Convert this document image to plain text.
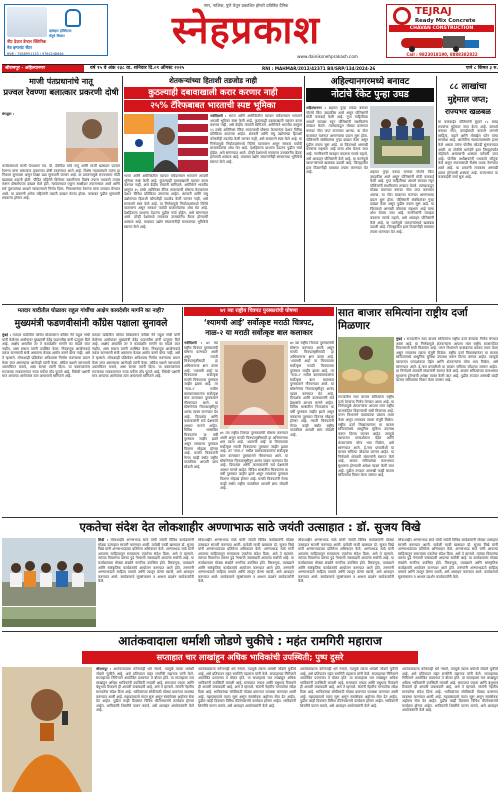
व्होल्हार हॉस्पिटल
मेंदूचे विकार
नीट देऊन डेन्टल क्लिनिक
नेत्र इम्प्लांट सेंटर
संपर्क : 7588991133 / 9764248646
नगर, नाशिक, पुणे येथून प्रकाशित होणारे प्रतिष्ठित दैनिक
स्नेहप्रकाश
www.dainiksnehprakash.com
TEJRAJ
Ready Mix Concrete
CHAVAN CONSTRUCTION
Call : 9823018190, 8888382822
श्रीरामपूर - अहिल्यानगर	वर्ष १५ वे अंक २३८ वा. शनिवार दि.०९ ऑगस्ट २०२५	RNI : MAHMAR/2012/42371 BII/SRP/134/2024-26	पाने ८ किंमत ३ रु.
माजी पंतप्रधानांचे नातू
प्रज्वल रेवण्णा बलात्कार प्रकरणी दोषी
बंगळुरू :
कर्नाटकमध्ये माजी पंतप्रधान एच. डी. देवेगौडा यांचे नातू आणि माजी खासदार प्रज्वल रेवण्णा यांना बलात्कार प्रकरणात दोषी ठरवण्यात आले आहे. विशेष न्यायालयाने त्यांना हा निकाल सुनावला असून शिक्षा उद्या सुनावली जाणार आहे. या प्रकरणामुळे राज्यभरात मोठी खळबळ उडाली होती. पीडित महिलेने दिलेल्या तक्रारीनंतर विशेष तपास पथकाने तपास करून दोषारोपपत्र दाखल केले होते. न्यायालयात एकूण साक्षीदार तपासण्यात आले आणि सर्व पुराव्यांच्या आधारे न्यायालयाने निर्णय दिला. निकालानंतर रेवण्णा यांना ताब्यात घेण्यात आले. या प्रकरणी अनेक महिलांनी तक्रारी दाखल केल्या होत्या. याबाबत पुढील सुनावणी लवकरच होणार आहे.
शेतकऱ्यांच्या हिताशी तडजोड नाही
कुठल्याही दबावाखाली करार करणार नाही
२५% टॅरिफबाबत भारताची स्पष्ट भूमिका
नवीदिल्ली : भारत आणि अमेरिकेतील व्यापार चर्चेदरम्यान भारताने आपली भूमिका स्पष्ट केली आहे. कुठल्याही दबावाखाली व्यापार करार करणार नाही, असे केंद्रीय मंत्र्यांनी सांगितले. अमेरिकेने भारतीय वस्तूंवर २५ टक्के अतिरिक्त टॅरिफ लावण्याची घोषणा केल्यानंतर देशात विविध प्रतिक्रिया उमटल्या आहेत. शेतकरी आणि लघु उद्योगांच्या हिताशी कोणतीही तडजोड केली जाणार नाही, असे सरकारने स्पष्ट केले आहे. या निर्णयामुळे निर्यातदारांमध्ये चिंतेचे वातावरण असून सरकार पर्यायी बाजारपेठांचा शोध घेत आहे. देशहिताला प्राधान्य देऊनच पुढील चर्चा होईल, असे सांगण्यात आले. दोन्ही देशांमध्ये लवकरच उच्चस्तरीय बैठक होण्याची शक्यता आहे. याबाबत उद्योग संघटनांनीही सरकारच्या भूमिकेचे स्वागत केले आहे.
भारत आणि अमेरिकेतील व्यापार चर्चेदरम्यान भारताने आपली भूमिका स्पष्ट केली आहे. कुठल्याही दबावाखाली व्यापार करार करणार नाही, असे केंद्रीय मंत्र्यांनी सांगितले. अमेरिकेने भारतीय वस्तूंवर २५ टक्के अतिरिक्त टॅरिफ लावण्याची घोषणा केल्यानंतर देशात विविध प्रतिक्रिया उमटल्या आहेत. शेतकरी आणि लघु उद्योगांच्या हिताशी कोणतीही तडजोड केली जाणार नाही, असे सरकारने स्पष्ट केले आहे. या निर्णयामुळे निर्यातदारांमध्ये चिंतेचे वातावरण असून सरकार पर्यायी बाजारपेठांचा शोध घेत आहे. देशहिताला प्राधान्य देऊनच पुढील चर्चा होईल, असे सांगण्यात आले. दोन्ही देशांमध्ये लवकरच उच्चस्तरीय बैठक होण्याची शक्यता आहे. याबाबत उद्योग संघटनांनीही सरकारच्या भूमिकेचे स्वागत केले आहे.
अहिल्यानगरमध्ये बनावट
नोटांचे रॅकेट पुन्हा उघड
अहिल्यानगर : शहरात पुन्हा एकदा बनावट नोटांचे रॅकेट उघडकीस आले असून पोलिसांनी मोठी कारवाई केली आहे. गुप्त माहितीच्या आधारे सापळा रचून पोलिसांनी संशयितांना ताब्यात घेतले. त्यांच्याकडून मोठ्या प्रमाणात बनावट नोटा जप्त करण्यात आल्या. या नोटा बाजारात चलनात आणण्याचा प्रयत्न सुरू होता. पोलिसांनी संबंधितांवर गुन्हा दाखल केला असून पुढील तपास सुरू आहे. या रॅकेटमध्ये आणखी कोणाचा सहभाग आहे याचा शोध घेतला जात आहे. नागरिकांनी व्यवहार करताना सतर्क राहावे, असे आवाहन पोलिसांनी केले आहे. या घटनेमुळे व्यापाऱ्यांमध्ये खळबळ उडाली आहे. जिल्ह्यातील इतर ठिकाणीही याबाबत तपास करण्यात येत आहे.	शहरात पुन्हा एकदा बनावट नोटांचे रॅकेट उघडकीस आले असून पोलिसांनी मोठी कारवाई केली आहे. गुप्त माहितीच्या आधारे सापळा रचून पोलिसांनी संशयितांना ताब्यात घेतले. त्यांच्याकडून मोठ्या प्रमाणात बनावट नोटा जप्त करण्यात आल्या. या नोटा बाजारात चलनात आणण्याचा प्रयत्न सुरू होता. पोलिसांनी संबंधितांवर गुन्हा दाखल केला असून पुढील तपास सुरू आहे. या रॅकेटमध्ये आणखी कोणाचा सहभाग आहे याचा शोध घेतला जात आहे. नागरिकांनी व्यवहार करताना सतर्क राहावे, असे आवाहन पोलिसांनी केले आहे. या घटनेमुळे व्यापाऱ्यांमध्ये खळबळ उडाली आहे. जिल्ह्यातील इतर ठिकाणीही याबाबत तपास करण्यात येत आहे.
८८ लाखांचा
मुद्देमाल जप्त;
राज्यभर खळबळ
या कारवाईत पोलिसांनी सुमारे ८८ लाख रुपयांचा मुद्देमाल जप्त केला आहे. यामध्ये बनावट नोटा, छपाईसाठी वापरले जाणारे साहित्य, वाहने आणि मोबाईल फोन यांचा समावेश आहे. आरोपींना न्यायालयासमोर हजर केले असता त्यांना पोलीस कोठडी सुनावण्यात आली. या टोळीचे धागेदोरे इतर जिल्ह्यांपर्यंत पोहोचले असल्याची शक्यता वर्तवली जात आहे. पोलीस अधीक्षकांनी पथकाचे कौतुक केले असून तपासासाठी विशेष पथक नेमण्यात आले आहे. या प्रकरणी लवकरच आणखी अटक होण्याची शक्यता आहे. राज्यभरात या कारवाईची चर्चा सुरू आहे.
मतदार यादीतील घोळावर राहुल गांधींचा आक्षेप कायदेशीर मार्गाने का नाही?
मुख्यमंत्री फडणवीसांनी काँग्रेस पक्षाला सुनावले
मुंबई : मतदार यादीतील कथित घोळावरून काँग्रेस नेते राहुल गांधी यांनी केलेल्या आरोपांवर मुख्यमंत्री देवेंद्र फडणवीस यांनी प्रत्युत्तर दिले आहे. आक्षेप असतील तर ते कायदेशीर मार्गाने का मांडले जात नाहीत, असा सवाल त्यांनी उपस्थित केला. निवडणूक आयोगाकडे तक्रार करण्याची संधी असताना केवळ आरोप करणे योग्य नाही, असे ते म्हणाले. लोकशाही प्रक्रियेवर अविश्वास निर्माण करण्याचा प्रयत्न केला जात असल्याचा आरोपही त्यांनी केला. काँग्रेस पक्षाने पराभवाचे आत्मचिंतन करावे, असा सल्ला त्यांनी दिला. या वक्तव्यानंतर राज्याच्या राजकारणात नव्या चर्चेला तोंड फुटले आहे. विरोधी पक्षांनी मात्र आपल्या आरोपांवर ठाम असल्याचे सांगितले आहे.
मतदार यादीतील कथित घोळावरून काँग्रेस नेते राहुल गांधी यांनी केलेल्या आरोपांवर मुख्यमंत्री देवेंद्र फडणवीस यांनी प्रत्युत्तर दिले आहे. आक्षेप असतील तर ते कायदेशीर मार्गाने का मांडले जात नाहीत, असा सवाल त्यांनी उपस्थित केला. निवडणूक आयोगाकडे तक्रार करण्याची संधी असताना केवळ आरोप करणे योग्य नाही, असे ते म्हणाले. लोकशाही प्रक्रियेवर अविश्वास निर्माण करण्याचा प्रयत्न केला जात असल्याचा आरोपही त्यांनी केला. काँग्रेस पक्षाने पराभवाचे आत्मचिंतन करावे, असा सल्ला त्यांनी दिला. या वक्तव्यानंतर राज्याच्या राजकारणात नव्या चर्चेला तोंड फुटले आहे. विरोधी पक्षांनी मात्र आपल्या आरोपांवर ठाम असल्याचे सांगितले आहे.
७१ व्या राष्ट्रीय चित्रपट पुरस्कारांची घोषणा
‘श्यामची आई’ सर्वोत्कृष्ट मराठी चित्रपट,
नाळ-२ या मराठी सर्वोत्कृष्ट बाल कलाकार
नवीदिल्ली : ७१ व्या राष्ट्रीय चित्रपट पुरस्कारांची घोषणा करण्यात आली असून मराठी चित्रपटसृष्टीसाठी हा अभिमानाचा क्षण ठरला आहे. ‘श्यामची आई’ या चित्रपटाला सर्वोत्कृष्ट मराठी चित्रपटाचा पुरस्कार जाहीर झाला आहे. तर ‘नाळ-२’ मधील बालकलाकारांना सर्वोत्कृष्ट बाल कलाकार पुरस्काराने गौरवण्यात आले. या घोषणेनंतर चित्रपटसृष्टीतून आनंद व्यक्त करण्यात येत आहे. दिग्दर्शक आणि कलाकारांनी सर्व प्रेक्षकांचे आभार मानले आहेत. विविध भाषांतील चित्रपटांना या वर्षी पुरस्कार जाहीर झाले असून लवकरच पुरस्कार वितरण सोहळा होणार आहे. मराठी चित्रपटांनी गेल्या काही वर्षांत राष्ट्रीय पातळीवर आपली छाप सोडली आहे.
७१ व्या राष्ट्रीय चित्रपट पुरस्कारांची घोषणा करण्यात आली असून मराठी चित्रपटसृष्टीसाठी हा अभिमानाचा क्षण ठरला आहे. ‘श्यामची आई’ या चित्रपटाला सर्वोत्कृष्ट मराठी चित्रपटाचा पुरस्कार जाहीर झाला आहे. तर ‘नाळ-२’ मधील बालकलाकारांना सर्वोत्कृष्ट बाल कलाकार पुरस्काराने गौरवण्यात आले. या घोषणेनंतर चित्रपटसृष्टीतून आनंद व्यक्त करण्यात येत आहे. दिग्दर्शक आणि कलाकारांनी सर्व प्रेक्षकांचे आभार मानले आहेत. विविध भाषांतील चित्रपटांना या वर्षी पुरस्कार जाहीर झाले असून लवकरच पुरस्कार वितरण सोहळा होणार आहे. मराठी चित्रपटांनी गेल्या काही वर्षांत राष्ट्रीय पातळीवर आपली छाप सोडली आहे.
७१ व्या राष्ट्रीय चित्रपट पुरस्कारांची घोषणा करण्यात आली असून मराठी चित्रपटसृष्टीसाठी हा अभिमानाचा क्षण ठरला आहे. ‘श्यामची आई’ या चित्रपटाला सर्वोत्कृष्ट मराठी चित्रपटाचा पुरस्कार जाहीर झाला आहे. तर ‘नाळ-२’ मधील बालकलाकारांना सर्वोत्कृष्ट बाल कलाकार पुरस्काराने गौरवण्यात आले. या घोषणेनंतर चित्रपटसृष्टीतून आनंद व्यक्त करण्यात येत आहे. दिग्दर्शक आणि कलाकारांनी सर्व प्रेक्षकांचे आभार मानले आहेत. विविध भाषांतील चित्रपटांना या वर्षी पुरस्कार जाहीर झाले असून लवकरच पुरस्कार वितरण सोहळा होणार आहे. मराठी चित्रपटांनी गेल्या काही वर्षांत राष्ट्रीय पातळीवर आपली छाप सोडली आहे.
सात बाजार समित्यांना राष्ट्रीय दर्जा मिळणार
मुंबई : राज्यातील सात बाजार समित्यांना राष्ट्रीय दर्जा देण्याचा निर्णय घेण्यात आला आहे. या निर्णयामुळे शेतकऱ्यांना आपला माल राष्ट्रीय बाजारपेठेत विकण्याची संधी मिळणार आहे. पणन विभागाने याबाबतचा प्रस्ताव तयार केला असून लवकरच त्याला मंजुरी मिळेल. राष्ट्रीय दर्जा मिळाल्यानंतर या बाजार समित्यांमध्ये आधुनिक सुविधा उपलब्ध करून दिल्या जाणार आहेत. त्यामुळे व्यापारात पारदर्शकता येईल आणि शेतकऱ्यांना योग्य भाव मिळेल, असे सांगण्यात आले. ई-नाम प्रणालीशी या बाजार समित्या जोडल्या जाणार आहेत. या निर्णयाचे शेतकरी संघटनांनी स्वागत केले आहे. बाजार समित्यांच्या कारभारात सुधारणा होण्याची अपेक्षा व्यक्त केली जात आहे. पुढील टप्प्यात आणखी काही बाजार समित्यांचा विचार केला जाणार आहे.
राज्यातील सात बाजार समित्यांना राष्ट्रीय दर्जा देण्याचा निर्णय घेण्यात आला आहे. या निर्णयामुळे शेतकऱ्यांना आपला माल राष्ट्रीय बाजारपेठेत विकण्याची संधी मिळणार आहे. पणन विभागाने याबाबतचा प्रस्ताव तयार केला असून लवकरच त्याला मंजुरी मिळेल. राष्ट्रीय दर्जा मिळाल्यानंतर या बाजार समित्यांमध्ये आधुनिक सुविधा उपलब्ध करून दिल्या जाणार आहेत. त्यामुळे व्यापारात पारदर्शकता येईल आणि शेतकऱ्यांना योग्य भाव मिळेल, असे सांगण्यात आले. ई-नाम प्रणालीशी या बाजार समित्या जोडल्या जाणार आहेत. या निर्णयाचे शेतकरी संघटनांनी स्वागत केले आहे. बाजार समित्यांच्या कारभारात सुधारणा होण्याची अपेक्षा व्यक्त केली जात आहे. पुढील टप्प्यात आणखी काही बाजार समित्यांचा विचार केला जाणार आहे.
एकतेचा संदेश देत लोकशाहीर अण्णाभाऊ साठे जयंती उत्साहात : डॉ. सुजय विखे
शिर्डी : लोकशाहीर अण्णाभाऊ साठे यांची जयंती विविध कार्यक्रमांनी मोठ्या उत्साहात साजरी करण्यात आली. यावेळी माजी खासदार डॉ. सुजय विखे यांनी अण्णाभाऊंच्या प्रतिमेला अभिवादन केले. अण्णाभाऊ साठे यांनी आपल्या साहित्यातून समाजाला एकतेचा संदेश दिला, असे ते म्हणाले. त्यांच्या विचारांचा वारसा पुढे नेण्याची जबाबदारी आपल्या सर्वांची आहे. या कार्यक्रमाला मोठ्या संख्येने नागरिक उपस्थित होते. मिरवणूक, व्याख्याने आणि सांस्कृतिक कार्यक्रमांचे आयोजन करण्यात आले होते. तरुणांनी अण्णाभाऊंचे साहित्य वाचावे आणि त्यातून प्रेरणा घ्यावी, असे आवाहन करण्यात आले. कार्यक्रमाचे सूत्रसंचालन व आभार प्रदर्शन कार्यकर्त्यांनी केले.
लोकशाहीर अण्णाभाऊ साठे यांची जयंती विविध कार्यक्रमांनी मोठ्या उत्साहात साजरी करण्यात आली. यावेळी माजी खासदार डॉ. सुजय विखे यांनी अण्णाभाऊंच्या प्रतिमेला अभिवादन केले. अण्णाभाऊ साठे यांनी आपल्या साहित्यातून समाजाला एकतेचा संदेश दिला, असे ते म्हणाले. त्यांच्या विचारांचा वारसा पुढे नेण्याची जबाबदारी आपल्या सर्वांची आहे. या कार्यक्रमाला मोठ्या संख्येने नागरिक उपस्थित होते. मिरवणूक, व्याख्याने आणि सांस्कृतिक कार्यक्रमांचे आयोजन करण्यात आले होते. तरुणांनी अण्णाभाऊंचे साहित्य वाचावे आणि त्यातून प्रेरणा घ्यावी, असे आवाहन करण्यात आले. कार्यक्रमाचे सूत्रसंचालन व आभार प्रदर्शन कार्यकर्त्यांनी केले.
लोकशाहीर अण्णाभाऊ साठे यांची जयंती विविध कार्यक्रमांनी मोठ्या उत्साहात साजरी करण्यात आली. यावेळी माजी खासदार डॉ. सुजय विखे यांनी अण्णाभाऊंच्या प्रतिमेला अभिवादन केले. अण्णाभाऊ साठे यांनी आपल्या साहित्यातून समाजाला एकतेचा संदेश दिला, असे ते म्हणाले. त्यांच्या विचारांचा वारसा पुढे नेण्याची जबाबदारी आपल्या सर्वांची आहे. या कार्यक्रमाला मोठ्या संख्येने नागरिक उपस्थित होते. मिरवणूक, व्याख्याने आणि सांस्कृतिक कार्यक्रमांचे आयोजन करण्यात आले होते. तरुणांनी अण्णाभाऊंचे साहित्य वाचावे आणि त्यातून प्रेरणा घ्यावी, असे आवाहन करण्यात आले. कार्यक्रमाचे सूत्रसंचालन व आभार प्रदर्शन कार्यकर्त्यांनी केले.
लोकशाहीर अण्णाभाऊ साठे यांची जयंती विविध कार्यक्रमांनी मोठ्या उत्साहात साजरी करण्यात आली. यावेळी माजी खासदार डॉ. सुजय विखे यांनी अण्णाभाऊंच्या प्रतिमेला अभिवादन केले. अण्णाभाऊ साठे यांनी आपल्या साहित्यातून समाजाला एकतेचा संदेश दिला, असे ते म्हणाले. त्यांच्या विचारांचा वारसा पुढे नेण्याची जबाबदारी आपल्या सर्वांची आहे. या कार्यक्रमाला मोठ्या संख्येने नागरिक उपस्थित होते. मिरवणूक, व्याख्याने आणि सांस्कृतिक कार्यक्रमांचे आयोजन करण्यात आले होते. तरुणांनी अण्णाभाऊंचे साहित्य वाचावे आणि त्यातून प्रेरणा घ्यावी, असे आवाहन करण्यात आले. कार्यक्रमाचे सूत्रसंचालन व आभार प्रदर्शन कार्यकर्त्यांनी केले.
आतंकवादाला धर्माशी जोडणे चुकीचे : महंत रामगिरी महाराज
सप्ताहात चार लाखांहून अधिक भाविकांची उपस्थिती; पुष्प दुसरे
श्रीरामपूर : आतंकवादाला कोणताही धर्म नसतो, त्यामुळे त्याला धर्माशी जोडणे चुकीचे आहे, असे प्रतिपादन महंत रामगिरी महाराज यांनी केले. सप्ताहाच्या निमित्ताने आयोजित प्रवचनात ते बोलत होते. या सप्ताहाला चार लाखांहून अधिक भाविकांनी उपस्थिती लावली आहे. समाजात एकता आणि बंधुभाव टिकवणे ही आपली जबाबदारी आहे, असे ते म्हणाले. संतांनी नेहमीच मानवतेचा संदेश दिला आहे. भाविकांच्या सोयीसाठी मोठ्या प्रमाणात व्यवस्था करण्यात आली आहे. महाप्रसादाचे वाटप सुरू असून स्वयंसेवक अहोरात्र सेवा देत आहेत. पुढील काही दिवसांत विविध कीर्तनकारांचे कार्यक्रम होणार आहेत. भाविकांनी शिस्तीचे पालन करावे, असे आवाहन आयोजकांनी केले आहे.
आतंकवादाला कोणताही धर्म नसतो, त्यामुळे त्याला धर्माशी जोडणे चुकीचे आहे, असे प्रतिपादन महंत रामगिरी महाराज यांनी केले. सप्ताहाच्या निमित्ताने आयोजित प्रवचनात ते बोलत होते. या सप्ताहाला चार लाखांहून अधिक भाविकांनी उपस्थिती लावली आहे. समाजात एकता आणि बंधुभाव टिकवणे ही आपली जबाबदारी आहे, असे ते म्हणाले. संतांनी नेहमीच मानवतेचा संदेश दिला आहे. भाविकांच्या सोयीसाठी मोठ्या प्रमाणात व्यवस्था करण्यात आली आहे. महाप्रसादाचे वाटप सुरू असून स्वयंसेवक अहोरात्र सेवा देत आहेत. पुढील काही दिवसांत विविध कीर्तनकारांचे कार्यक्रम होणार आहेत. भाविकांनी शिस्तीचे पालन करावे, असे आवाहन आयोजकांनी केले आहे.
आतंकवादाला कोणताही धर्म नसतो, त्यामुळे त्याला धर्माशी जोडणे चुकीचे आहे, असे प्रतिपादन महंत रामगिरी महाराज यांनी केले. सप्ताहाच्या निमित्ताने आयोजित प्रवचनात ते बोलत होते. या सप्ताहाला चार लाखांहून अधिक भाविकांनी उपस्थिती लावली आहे. समाजात एकता आणि बंधुभाव टिकवणे ही आपली जबाबदारी आहे, असे ते म्हणाले. संतांनी नेहमीच मानवतेचा संदेश दिला आहे. भाविकांच्या सोयीसाठी मोठ्या प्रमाणात व्यवस्था करण्यात आली आहे. महाप्रसादाचे वाटप सुरू असून स्वयंसेवक अहोरात्र सेवा देत आहेत. पुढील काही दिवसांत विविध कीर्तनकारांचे कार्यक्रम होणार आहेत. भाविकांनी शिस्तीचे पालन करावे, असे आवाहन आयोजकांनी केले आहे.
आतंकवादाला कोणताही धर्म नसतो, त्यामुळे त्याला धर्माशी जोडणे चुकीचे आहे, असे प्रतिपादन महंत रामगिरी महाराज यांनी केले. सप्ताहाच्या निमित्ताने आयोजित प्रवचनात ते बोलत होते. या सप्ताहाला चार लाखांहून अधिक भाविकांनी उपस्थिती लावली आहे. समाजात एकता आणि बंधुभाव टिकवणे ही आपली जबाबदारी आहे, असे ते म्हणाले. संतांनी नेहमीच मानवतेचा संदेश दिला आहे. भाविकांच्या सोयीसाठी मोठ्या प्रमाणात व्यवस्था करण्यात आली आहे. महाप्रसादाचे वाटप सुरू असून स्वयंसेवक अहोरात्र सेवा देत आहेत. पुढील काही दिवसांत विविध कीर्तनकारांचे कार्यक्रम होणार आहेत. भाविकांनी शिस्तीचे पालन करावे, असे आवाहन आयोजकांनी केले आहे.
